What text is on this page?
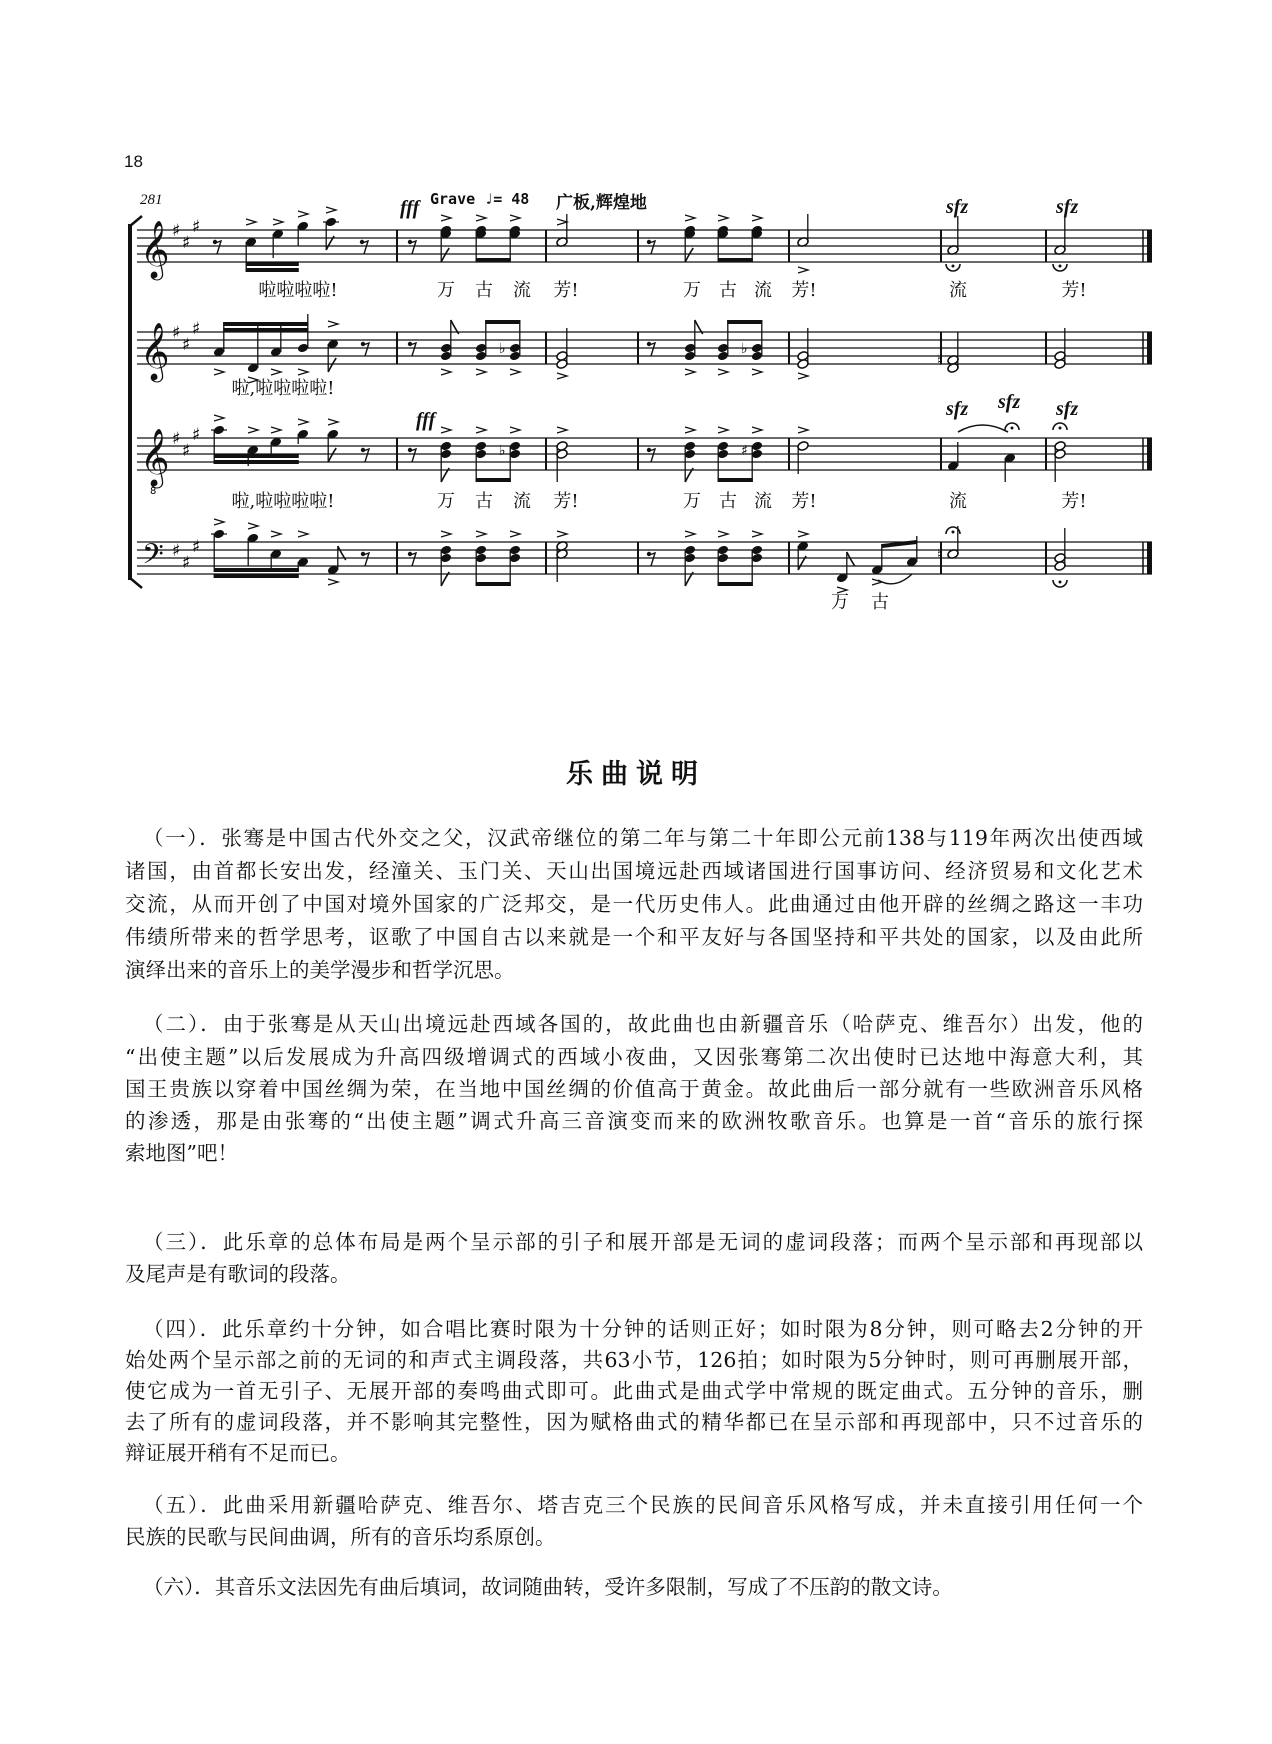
18
𝄞 ♯
♯
♯
𝄞 ♯
♯
♯
𝄞
8
♯
♯
♯
𝄢 ♯
♯
♯
♭	♭
♮
♭	♯
♮
281	Grave ♩= 48 广板,辉煌地
fff
fff
sfz	sfz
sfz sfz sfz
啦啦啦啦!	万 古 流 芳!	万 古 流 芳!	流	芳!
啦,啦啦啦啦!
啦,啦啦啦啦!	万 古 流 芳!	万 古 流 芳!	流	芳!
万 古
乐曲说明
（一）．张骞是中国古代外交之父，汉武帝继位的第二年与第二十年即公元前138与119年两次出使西域
诸国，由首都长安出发，经潼关、玉门关、天山出国境远赴西域诸国进行国事访问、经济贸易和文化艺术
交流，从而开创了中国对境外国家的广泛邦交，是一代历史伟人。此曲通过由他开辟的丝绸之路这一丰功
伟绩所带来的哲学思考，讴歌了中国自古以来就是一个和平友好与各国坚持和平共处的国家，以及由此所
演绎出来的音乐上的美学漫步和哲学沉思。
（二）．由于张骞是从天山出境远赴西域各国的，故此曲也由新疆音乐（哈萨克、维吾尔）出发，他的
“出使主题”以后发展成为升高四级增调式的西域小夜曲，又因张骞第二次出使时已达地中海意大利，其
国王贵族以穿着中国丝绸为荣，在当地中国丝绸的价值高于黄金。故此曲后一部分就有一些欧洲音乐风格
的渗透，那是由张骞的“出使主题”调式升高三音演变而来的欧洲牧歌音乐。也算是一首“音乐的旅行探
索地图”吧！
（三）．此乐章的总体布局是两个呈示部的引子和展开部是无词的虚词段落；而两个呈示部和再现部以
及尾声是有歌词的段落。
（四）．此乐章约十分钟，如合唱比赛时限为十分钟的话则正好；如时限为8分钟，则可略去2分钟的开
始处两个呈示部之前的无词的和声式主调段落，共63小节，126拍；如时限为5分钟时，则可再删展开部，
使它成为一首无引子、无展开部的奏鸣曲式即可。此曲式是曲式学中常规的既定曲式。五分钟的音乐，删
去了所有的虚词段落，并不影响其完整性，因为赋格曲式的精华都已在呈示部和再现部中，只不过音乐的
辩证展开稍有不足而已。
（五）．此曲采用新疆哈萨克、维吾尔、塔吉克三个民族的民间音乐风格写成，并未直接引用任何一个
民族的民歌与民间曲调，所有的音乐均系原创。
（六）．其音乐文法因先有曲后填词，故词随曲转，受许多限制，写成了不压韵的散文诗。
